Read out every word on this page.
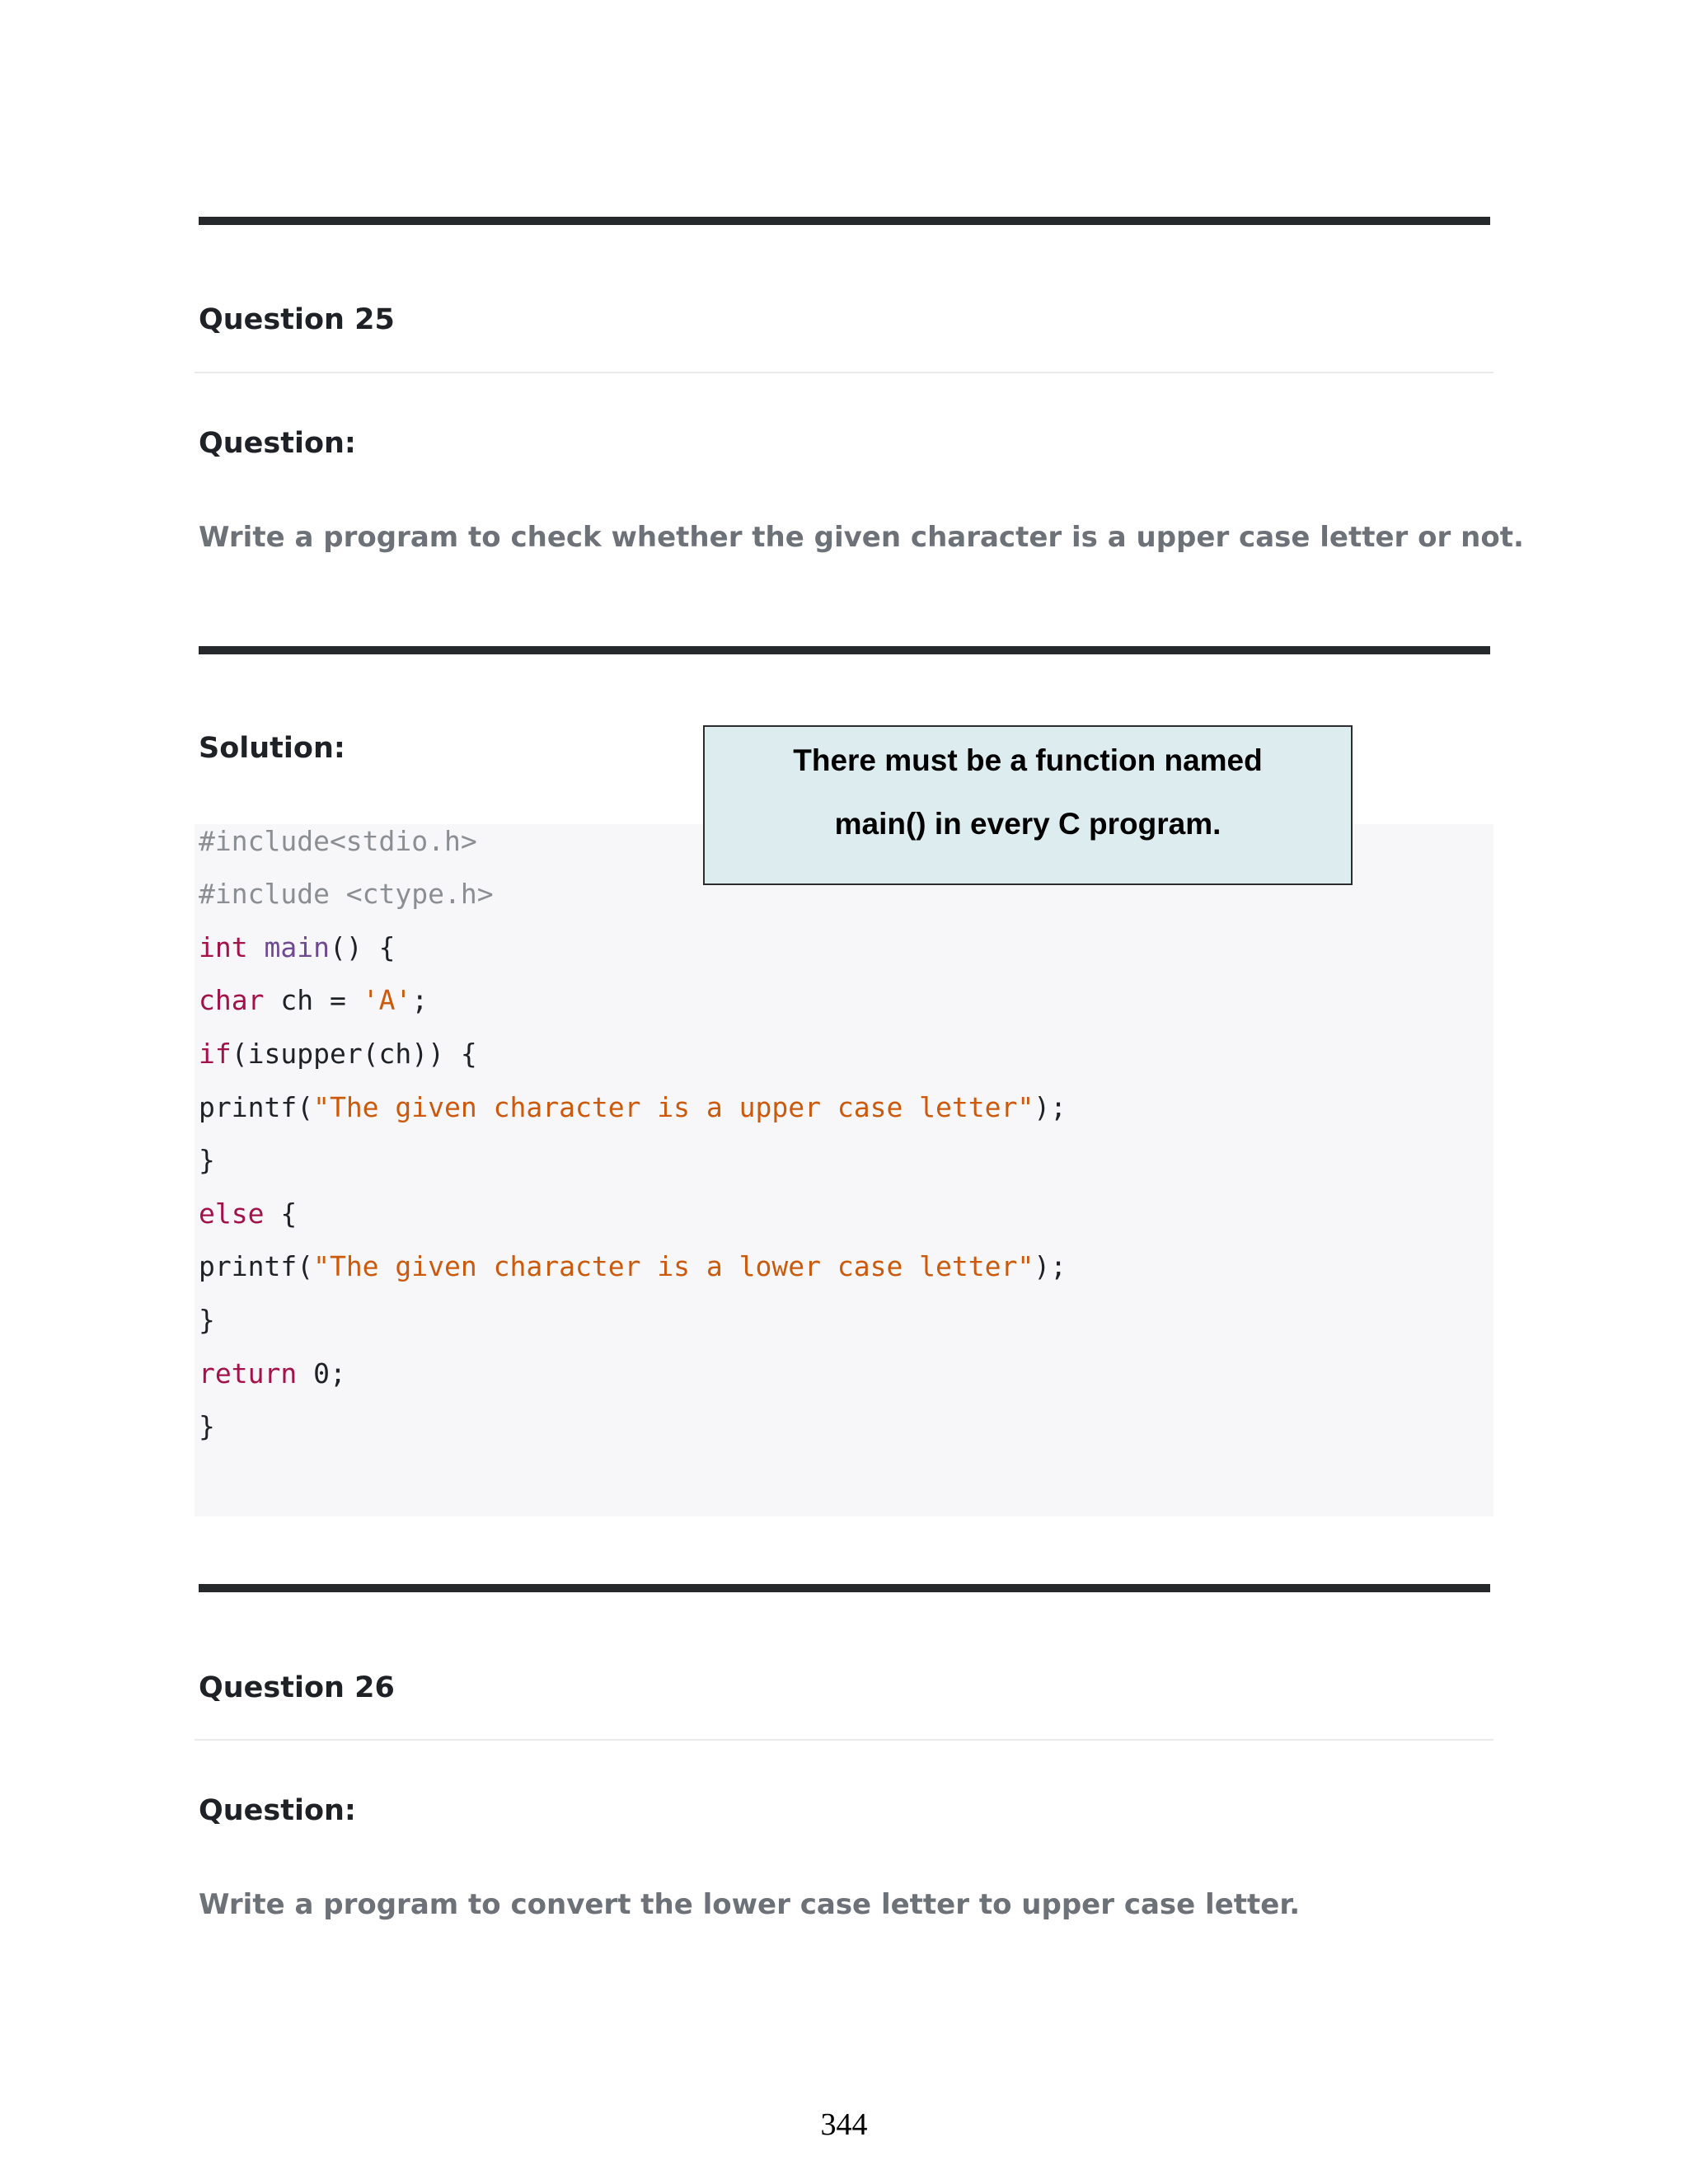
Question 25
Question:
Write a program to check whether the given character is a upper case letter or not.
Solution:
#include<stdio.h>
#include <ctype.h>
int main() {
char ch = 'A';
if(isupper(ch)) {
printf("The given character is a upper case letter");
}
else {
printf("The given character is a lower case letter");
}
return 0;
}
There must be a function named
main() in every C program.
Question 26
Question:
Write a program to convert the lower case letter to upper case letter.
344
